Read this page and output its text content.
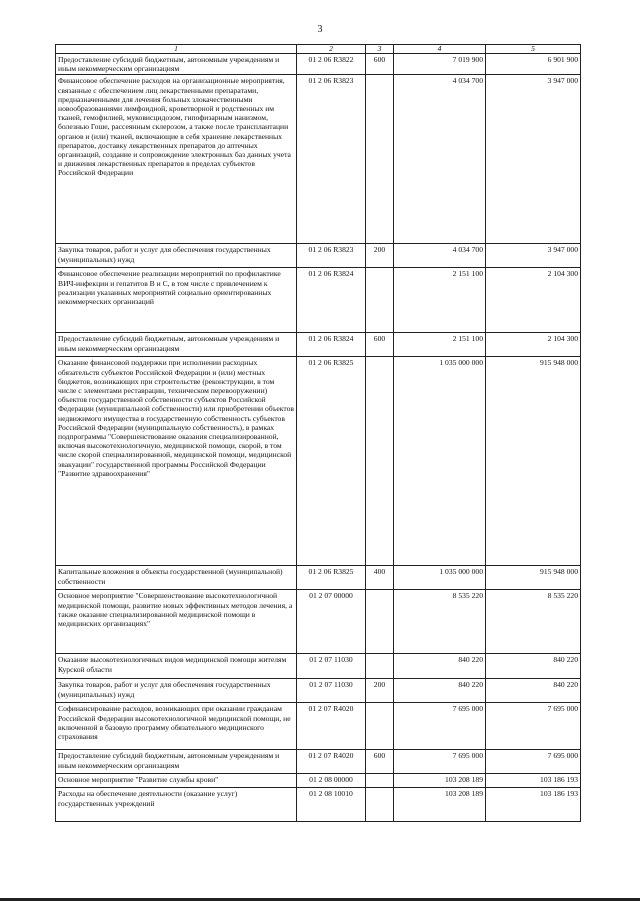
3
1	2	3	4	5
Предоставление субсидий бюджетным, автономным учреждениям и иным некоммерческим организациям	01 2 06 R3822	600	7 019 900	6 901 900
Финансовое обеспечение расходов на организационные мероприятия, связанные с обеспечением лиц лекарственными препаратами, предназначенными для лечения больных злокачественными новообразованиями лимфоидной, кроветворной и родственных им тканей, гемофилией, муковисцидозом, гипофизарным нанизмом, болезнью Гоше, рассеянным склерозом, а также после трансплантации органов и (или) тканей, включающие в себя хранение лекарственных препаратов, доставку лекарственных препаратов до аптечных организаций, создание и сопровождение электронных баз данных учета и движения лекарственных препаратов в пределах субъектов Российской Федерации	01 2 06 R3823		4 034 700	3 947 000
Закупка товаров, работ и услуг для обеспечения государственных (муниципальных) нужд	01 2 06 R3823	200	4 034 700	3 947 000
Финансовое обеспечение реализации мероприятий по профилактике ВИЧ-инфекции и гепатитов В и С, в том числе с привлечением к реализации указанных мероприятий социально ориентированных некоммерческих организаций	01 2 06 R3824		2 151 100	2 104 300
Предоставление субсидий бюджетным, автономным учреждениям и иным некоммерческим организациям	01 2 06 R3824	600	2 151 100	2 104 300
Оказание финансовой поддержки при исполнении расходных обязательств субъектов Российской Федерации и (или) местных бюджетов, возникающих при строительстве (реконструкции, в том числе с элементами реставрации, техническом перевооружении) объектов государственной собственности субъектов Российской Федерации (муниципальной собственности) или приобретении объектов недвижимого имущества в государственную собственность субъектов Российской Федерации (муниципальную собственность), в рамках подпрограммы "Совершенствование оказания специализированной, включая высокотехнологичную, медицинской помощи, скорой, в том числе скорой специализированной, медицинской помощи, медицинской эвакуации" государственной программы Российской Федерации "Развитие здравоохранения"	01 2 06 R3825		1 035 000 000	915 948 000
Капитальные вложения в объекты государственной (муниципальной) собственности	01 2 06 R3825	400	1 035 000 000	915 948 000
Основное мероприятие "Совершенствование высокотехнологичной медицинской помощи, развитие новых эффективных методов лечения, а также оказание специализированной медицинской помощи в медицинских организациях"	01 2 07 00000		8 535 220	8 535 220
Оказание высокотехнологичных видов медицинской помощи жителям Курской области	01 2 07 11030		840 220	840 220
Закупка товаров, работ и услуг для обеспечения государственных (муниципальных) нужд	01 2 07 11030	200	840 220	840 220
Софинансирование расходов, возникающих при оказании гражданам Российской Федерации высокотехнологичной медицинской помощи, не включенной в базовую программу обязательного медицинского страхования	01 2 07 R4020		7 695 000	7 695 000
Предоставление субсидий бюджетным, автономным учреждениям и иным некоммерческим организациям	01 2 07 R4020	600	7 695 000	7 695 000
Основное мероприятие "Развитие службы крови"	01 2 08 00000		103 208 189	103 186 193
Расходы на обеспечение деятельности (оказание услуг) государственных учреждений	01 2 08 10010		103 208 189	103 186 193
